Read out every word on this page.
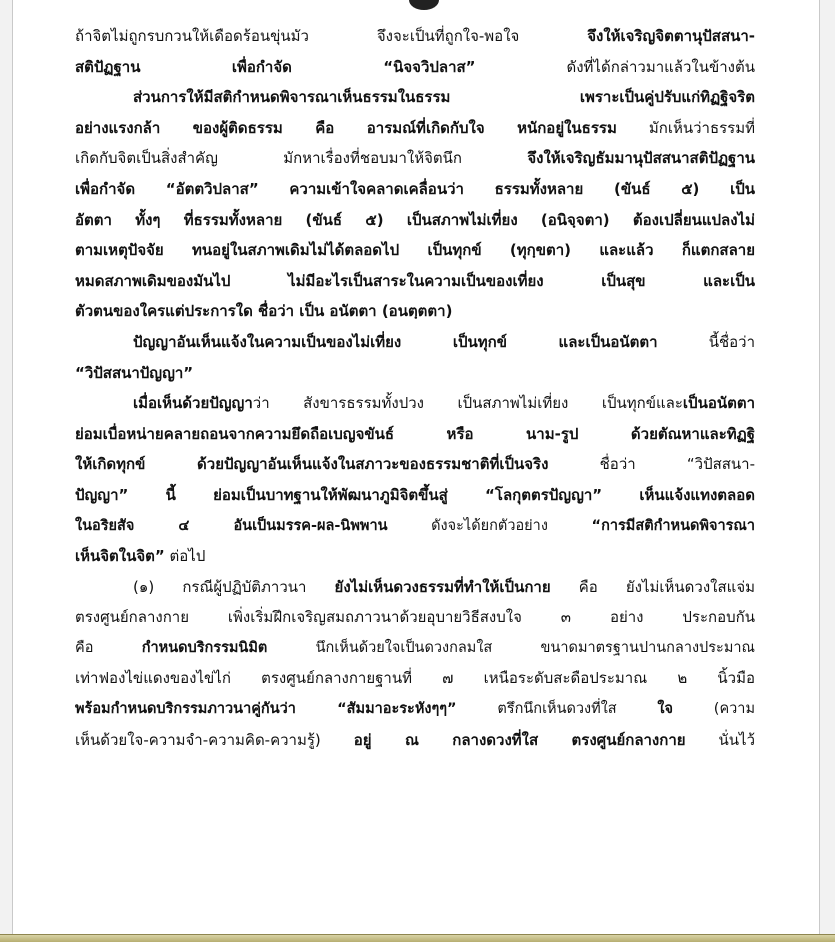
ถ้าจิตไม่ถูกรบกวนให้เดือดร้อนขุ่นมัว จึงจะเป็นที่ถูกใจ-พอใจ จึงให้เจริญจิตตานุปัสสนา-
สติปัฏฐาน เพื่อกำจัด “นิจจวิปลาส” ดังที่ได้กล่าวมาแล้วในข้างต้น
ส่วนการให้มีสติกำหนดพิจารณาเห็นธรรมในธรรม เพราะเป็นคู่ปรับแก่ทิฏฐิจริต
อย่างแรงกล้า ของผู้ติดธรรม คือ อารมณ์ที่เกิดกับใจ หนักอยู่ในธรรม มักเห็นว่าธรรมที่
เกิดกับจิตเป็นสิ่งสำคัญ มักหาเรื่องที่ชอบมาให้จิตนึก จึงให้เจริญธัมมานุปัสสนาสติปัฏฐาน
เพื่อกำจัด “อัตตวิปลาส” ความเข้าใจคลาดเคลื่อนว่า ธรรมทั้งหลาย (ขันธ์ ๕) เป็น
อัตตา ทั้งๆ ที่ธรรมทั้งหลาย (ขันธ์ ๕) เป็นสภาพไม่เที่ยง (อนิจฺจตา) ต้องเปลี่ยนแปลงไม่
ตามเหตุปัจจัย ทนอยู่ในสภาพเดิมไม่ได้ตลอดไป เป็นทุกข์ (ทุกฺขตา) และแล้ว ก็แตกสลาย
หมดสภาพเดิมของมันไป ไม่มีอะไรเป็นสาระในความเป็นของเที่ยง เป็นสุข และเป็น
ตัวตนของใครแต่ประการใด ชื่อว่า เป็น อนัตตา (อนตฺตตา)
ปัญญาอันเห็นแจ้งในความเป็นของไม่เที่ยง เป็นทุกข์ และเป็นอนัตตา นี้ชื่อว่า
“วิปัสสนาปัญญา”
เมื่อเห็นด้วยปัญญาว่า สังขารธรรมทั้งปวง เป็นสภาพไม่เที่ยง เป็นทุกข์และเป็นอนัตตา
ย่อมเบื่อหน่ายคลายถอนจากความยึดถือเบญจขันธ์ หรือ นาม-รูป ด้วยตัณหาและทิฏฐิ
ให้เกิดทุกข์ ด้วยปัญญาอันเห็นแจ้งในสภาวะของธรรมชาติที่เป็นจริง ชื่อว่า “วิปัสสนา-
ปัญญา” นี้ ย่อมเป็นบาทฐานให้พัฒนาภูมิจิตขึ้นสู่ “โลกุตตรปัญญา” เห็นแจ้งแทงตลอด
ในอริยสัจ ๔ อันเป็นมรรค-ผล-นิพพาน ดังจะได้ยกตัวอย่าง “การมีสติกำหนดพิจารณา
เห็นจิตในจิต” ต่อไป
(๑) กรณีผู้ปฏิบัติภาวนา ยังไม่เห็นดวงธรรมที่ทำให้เป็นกาย คือ ยังไม่เห็นดวงใสแจ่ม
ตรงศูนย์กลางกาย เพิ่งเริ่มฝึกเจริญสมถภาวนาด้วยอุบายวิธีสงบใจ ๓ อย่าง ประกอบกัน
คือ กำหนดบริกรรมนิมิต นึกเห็นด้วยใจเป็นดวงกลมใส ขนาดมาตรฐานปานกลางประมาณ
เท่าฟองไข่แดงของไข่ไก่ ตรงศูนย์กลางกายฐานที่ ๗ เหนือระดับสะดือประมาณ ๒ นิ้วมือ
พร้อมกำหนดบริกรรมภาวนาคู่กันว่า “สัมมาอะระหังๆๆ” ตรึกนึกเห็นดวงที่ใส ใจ (ความ
เห็นด้วยใจ-ความจำ-ความคิด-ความรู้) อยู่ ณ กลางดวงที่ใส ตรงศูนย์กลางกาย นั่นไว้
